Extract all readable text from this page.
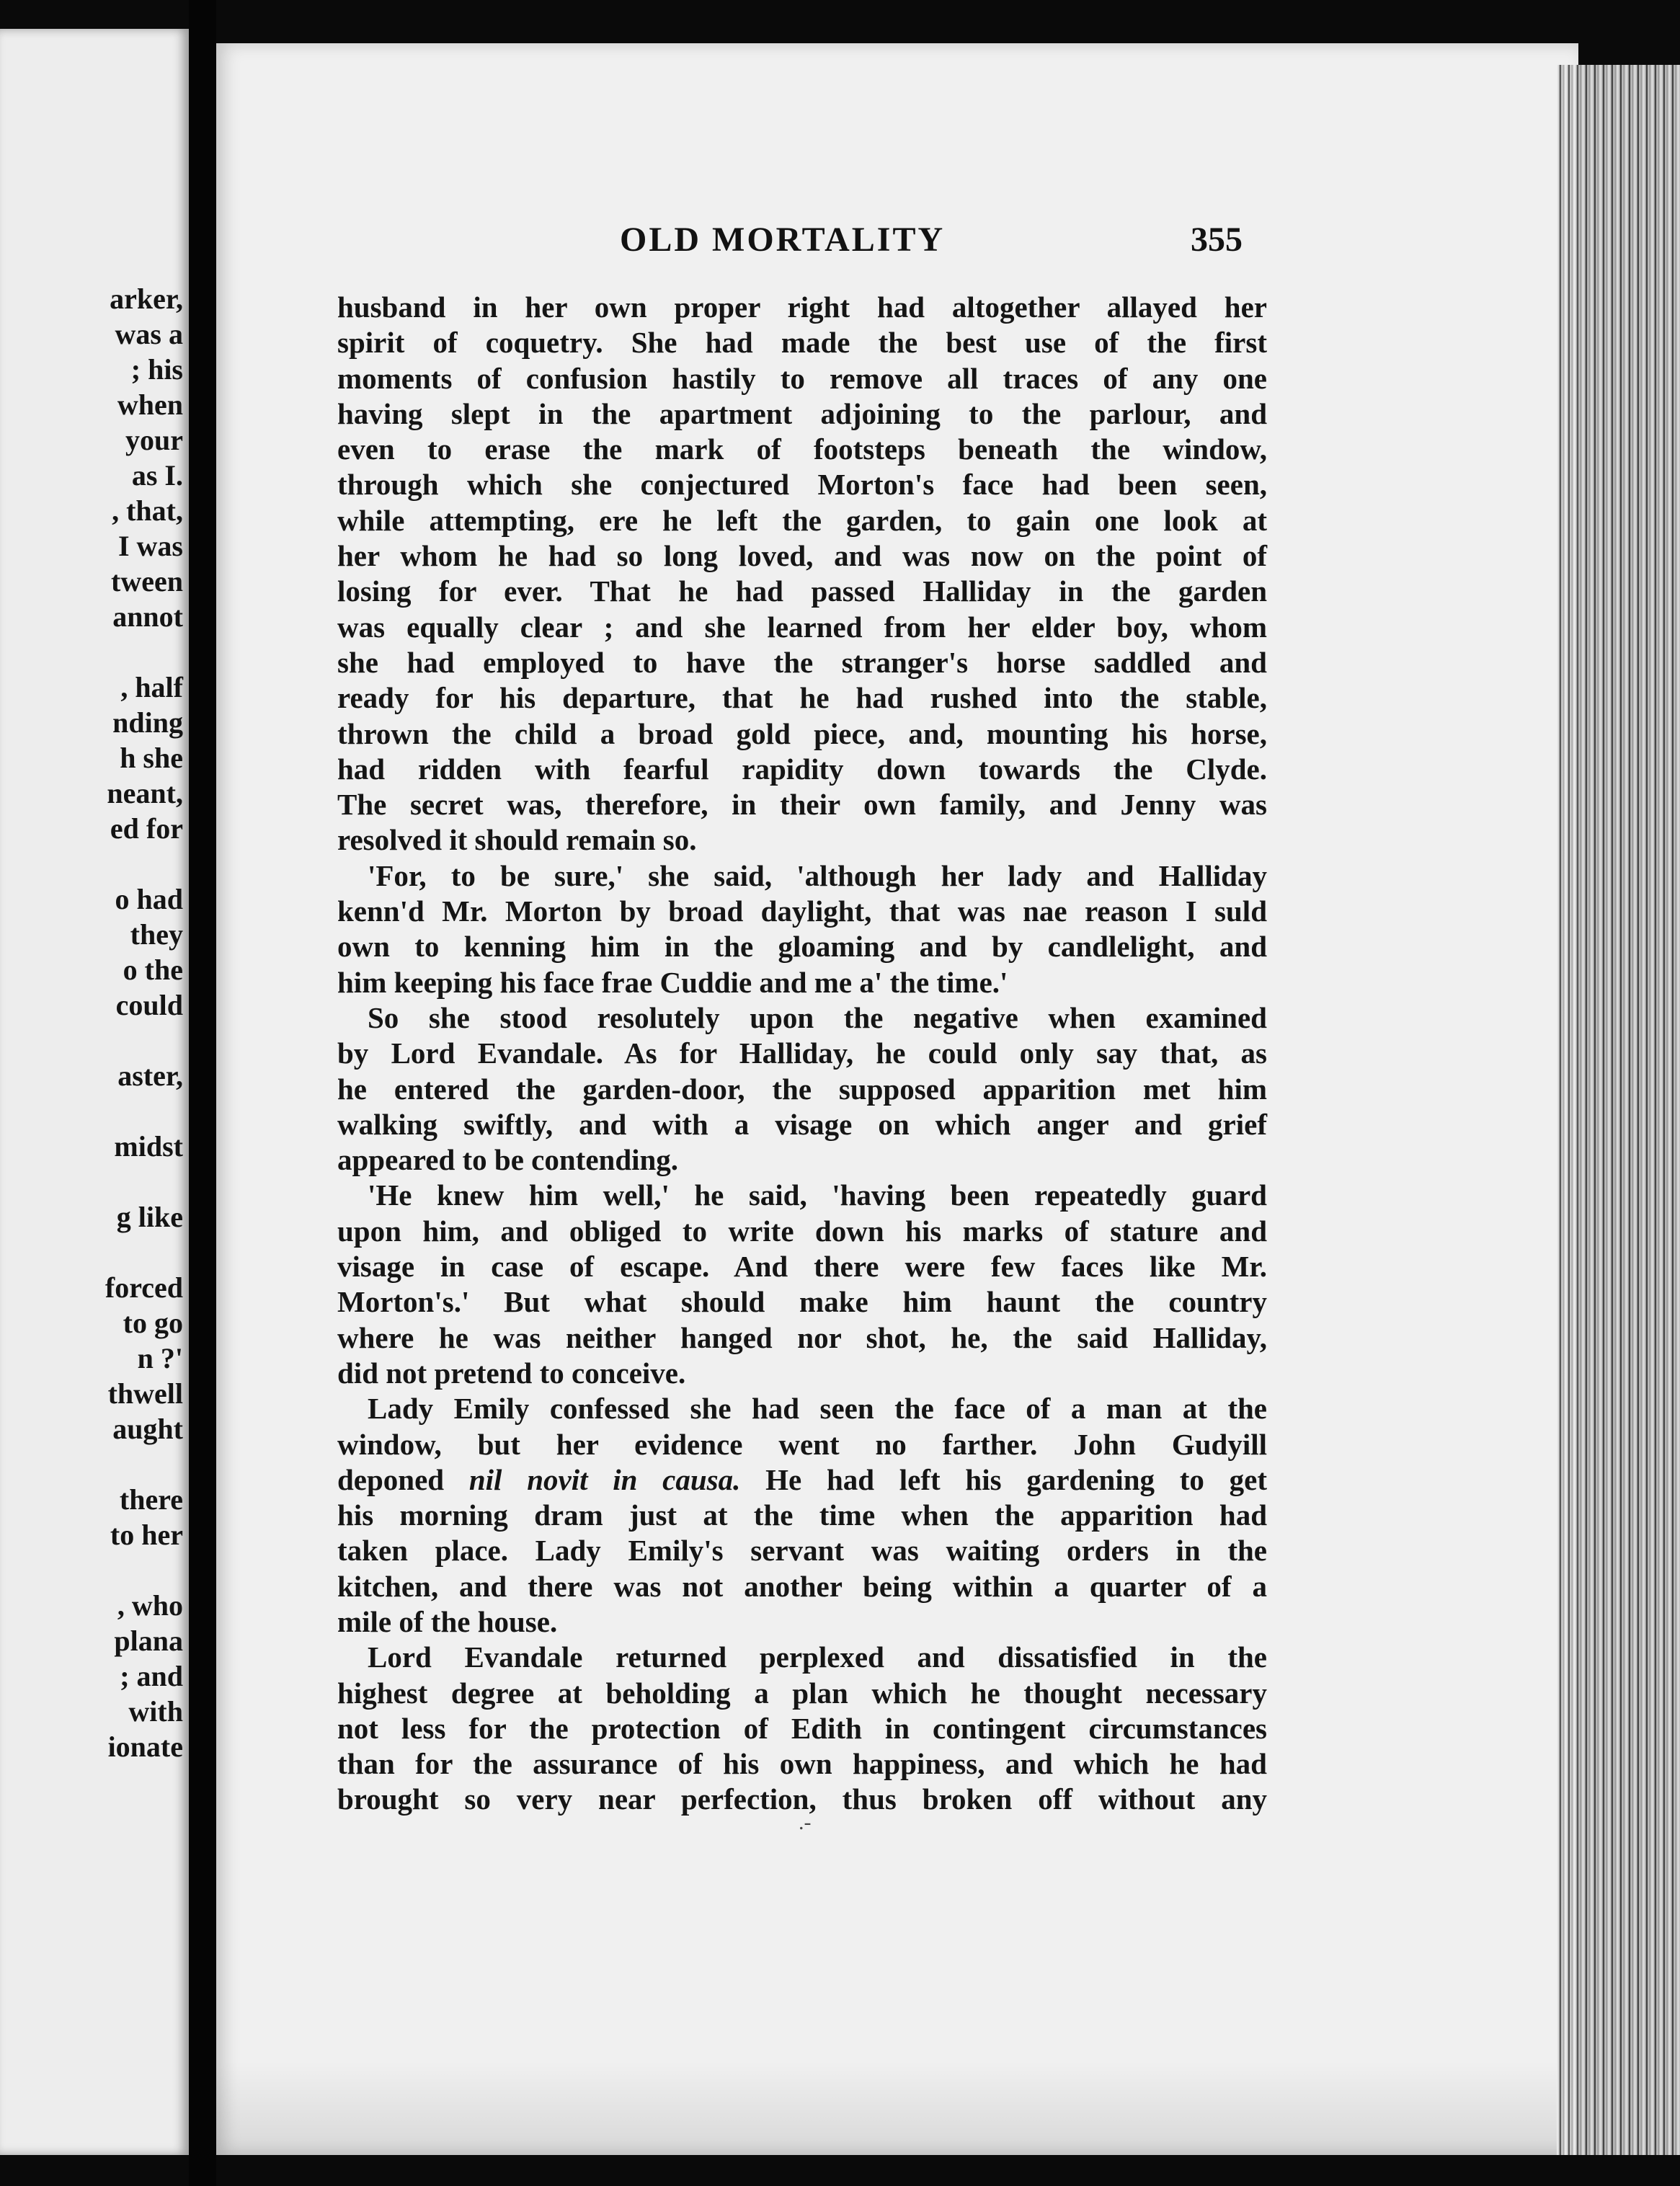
arker,
was a
; his
when
your
as I.
, that,
I was
tween
annot
, half
nding
h she
neant,
ed for
o had
they
o the
could
aster,
midst
g like
forced
to go
n ?'
thwell
aught
there
to her
, who
plana
; and
with
ionate
OLD MORTALITY	355
husband in her own proper right had altogether allayed her
spirit of coquetry. She had made the best use of the first
moments of confusion hastily to remove all traces of any one
having slept in the apartment adjoining to the parlour, and
even to erase the mark of footsteps beneath the window,
through which she conjectured Morton's face had been seen,
while attempting, ere he left the garden, to gain one look at
her whom he had so long loved, and was now on the point of
losing for ever. That he had passed Halliday in the garden
was equally clear ; and she learned from her elder boy, whom
she had employed to have the stranger's horse saddled and
ready for his departure, that he had rushed into the stable,
thrown the child a broad gold piece, and, mounting his horse,
had ridden with fearful rapidity down towards the Clyde.
The secret was, therefore, in their own family, and Jenny was
resolved it should remain so.
'For, to be sure,' she said, 'although her lady and Halliday
kenn'd Mr. Morton by broad daylight, that was nae reason I suld
own to kenning him in the gloaming and by candlelight, and
him keeping his face frae Cuddie and me a' the time.'
So she stood resolutely upon the negative when examined
by Lord Evandale. As for Halliday, he could only say that, as
he entered the garden-door, the supposed apparition met him
walking swiftly, and with a visage on which anger and grief
appeared to be contending.
'He knew him well,' he said, 'having been repeatedly guard
upon him, and obliged to write down his marks of stature and
visage in case of escape. And there were few faces like Mr.
Morton's.' But what should make him haunt the country
where he was neither hanged nor shot, he, the said Halliday,
did not pretend to conceive.
Lady Emily confessed she had seen the face of a man at the
window, but her evidence went no farther. John Gudyill
deponed nil novit in causa. He had left his gardening to get
his morning dram just at the time when the apparition had
taken place. Lady Emily's servant was waiting orders in the
kitchen, and there was not another being within a quarter of a
mile of the house.
Lord Evandale returned perplexed and dissatisfied in the
highest degree at beholding a plan which he thought necessary
not less for the protection of Edith in contingent circumstances
than for the assurance of his own happiness, and which he had
brought so very near perfection, thus broken off without any
.-
